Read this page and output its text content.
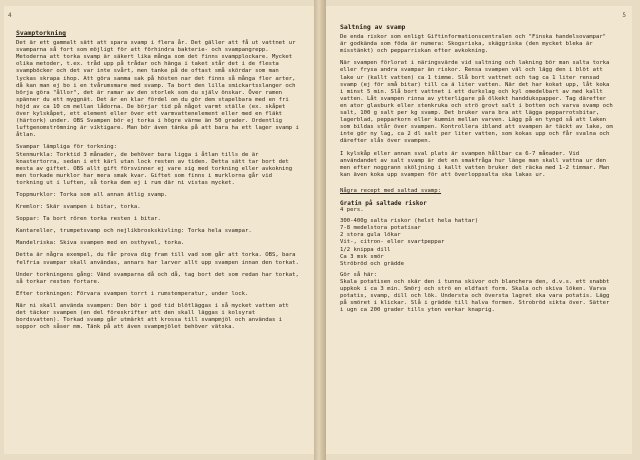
4
Svamptorkning

Det är ett gammalt sätt att spara svamp i flera år. Det gäller att få ut vattnet ur svamparna så fort som möjligt för att förhindra bakterie- och svampangrepp. Metoderna att torka svamp är säkert lika många som det finns svampplockare. Mycket olika metoder, t.ex. tråd upp på trådar och hänga i taket står det i de flesta svampböcker och det var inte svårt, men tanke på de oftast små skördar som man lyckas skrapa ihop. Att göra samma sak på hösten nar det finns så många fler arter, då kan man ej bo i en tvårumsmare med svamp. Ta bort den lilla smickartsslanger och börja göra "ållor", det är ramar av den storlek som du själv önskar. Över ramen spänner du ett myggnät. Det är en klar fördel om du gör dem stapelbara med en fri höjd av ca 10 cm mellan lådorna. De börjar tid på något varmt ställe (ex. skåpet över kylskåpet, ett element eller över ett varmvattenelement eller med en fläkt (härtork) under. OBS Svampen bör ej torka i högre värme än 50 grader. Ordentlig luftgenomströmning är viktigare. Man bör även tänka på att bara ha ett lager svamp i åtlan.

Svampar lämpliga för torkning:

Stenmurkla: Torktid 3 månader, de behöver bara ligga i åtlan tills de är knastertorra, sedan i ett kärl utan lock resten av tiden. Detta sätt tar bort det mesta av giftet. OBS allt gift försvinner ej vare sig med torkning eller avkokning men torkade murklor har mera smak kvar. Giftet som finns i murklorna går vid torkning ut i luften, så torka dem ej i rum där ni vistas mycket.

Toppmurklor: Torka som all annan ätlig svamp.

Kremlor: Skär svampen i bitar, torka.

Soppar: Ta bort rören torka resten i bitar.

Kantareller, trumpetsvamp och nejlikbroskskivling: Torka hela svampar.

Mandelriska: Skiva svampen med en osthyvel, torka.

Detta är några exempel, du får prova dig fram till vad som går att torka. OBS, bara felfria svampar skall användas, annars har larver allt upp svampen innan den torkat.

Under torkningens gång: Vänd svamparna då och då, tag bort det som redan har torkat, så torkar resten fortare.

Efter torkningen: Förvara svampen torrt i rumstemperatur, under lock.

När ni skall använda svampen: Den bör i god tid blötläggas i så mycket vatten att det täcker svampen (en del föreskrifter att den skall läggas i kolsyrat bordsvatten). Torkad svamp går utmärkt att krossa till svampmjöl och användas i soppor och såser mm. Tänk på att även svampmjölet behöver vätska.

5
Saltning av svamp

De enda riskor som enligt Giftinformationscentralen och "Finska handelsovampar" är godkända som föda är numera: Skogsriska, skäggriska (den mycket bleka är misstänkt) och pepparriskan efter avkokning.

När svampen förlorat i näringsvärde vid saltning och lakning bör man salta torka eller frysa andra svampar än riskor. Rensa svampen väl och lägg den i blöt att lake ur (kallt vatten) ca 1 timme. Slå bort vattnet och tag ca 1 liter rensad svamp (ej för små bitar) till ca ä liter vatten. När det har kokat upp, låt koka i minst 5 min. Slå bort vattnet i ett durkslag och kyl omedelbart av med kallt vatten. Låt svampen rinna av ytterligare på ölkekt handdukspapper. Tag därefter en ator glasburk eller stenkruka och strö grovt salt i botten och varva svamp och salt, 100 g salt per kg svamp. Det bruker vara bra att lägga pepparrotsbitar, lagerblad, pepparkorn eller kummin mellan varven. Lägg på en tyngd så att laken som bildas står över svampen. Kontrollera ibland att svampen är täckt av lake, om inte gör ny lag, ca 2 dl salt per liter vatten, som kokas upp och får svalna och därefter slås över svampen.

I kylskåp eller annan sval plats är svampen hållbar ca 6-7 månader. Vid användandet av salt svamp är det en smakfråga hur länge man skall vattna ur den men efter noggrann sköljning i kallt vatten bruker det räcka med 1-2 timmar. Man kan även koka upp svampen för att överloppsalta ska lakas ur.

Några recept med saltad svamp:

Gratin på saltade riskor
4 pers.
300-400g salta riskor (helst hela hattar)
7-8 medelstora potatisar
2 stora gula lökar
Vit-, citron- eller svartpeppar
1/2 knippa dill
Ca 3 msk smör
Ströbröd och grädde
Gör så här:

Skala potatisen och skär den i tunna skivor och blanchera den, d.v.s. ett snabbt uppkok i ca 3 min. Smörj och strö en eldfast form. Skala och skiva löken. Varva potatis, svamp, dill och lök. Understa och översta lagret ska vara potatis. Lägg på smöret i klickar. Slå i grädde till halva formen. Strobröd sikta över. Sätter i ugn ca 200 grader tills yten verkar knaprig.
